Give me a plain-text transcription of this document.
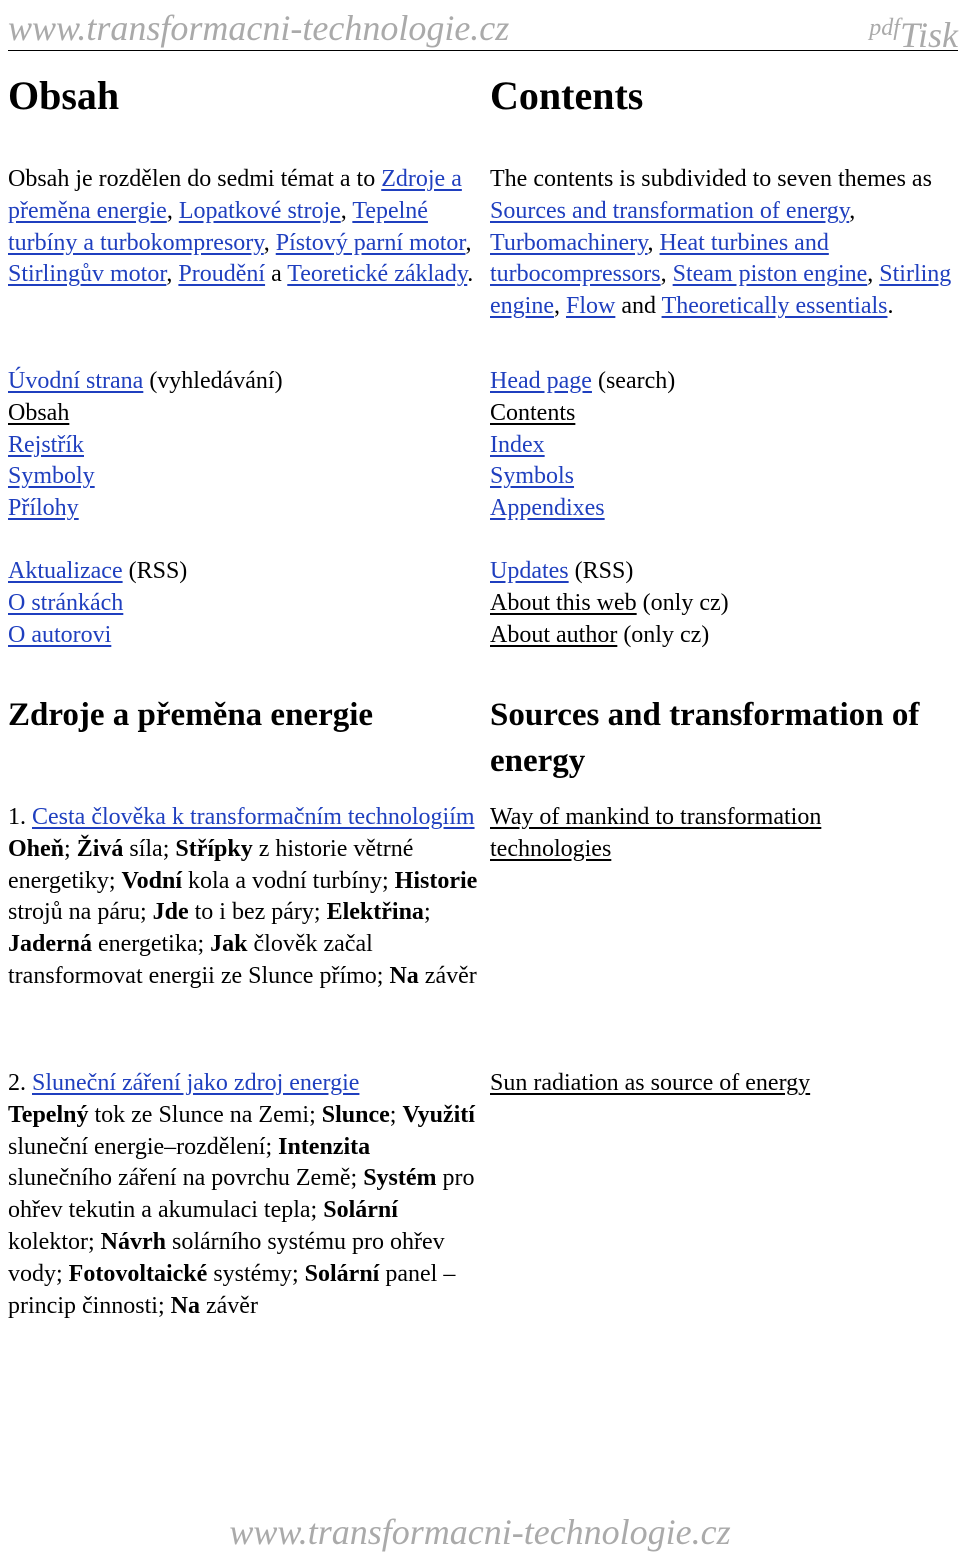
www.transformacni-technologie.cz	$^{pdf}$Tisk
Obsah

Obsah je rozdělen do sedmi témat a to Zdroje a přeměna energie, Lopatkové stroje, Tepelné turbíny a turbokompresory, Pístový parní motor, Stirlingův motor, Proudění a Teoretické základy.

Úvodní strana (vyhledávání)
Obsah
Rejstřík
Symboly
Přílohy
Aktualizace (RSS)
O stránkách
O autorovi
Zdroje a přeměna energie

1. Cesta člověka k transformačním technologiím
Oheň; Živá síla; Střípky z historie větrné energetiky; Vodní kola a vodní turbíny; Historie strojů na páru; Jde to i bez páry; Elektřina; Jaderná energetika; Jak člověk začal transformovat energii ze Slunce přímo; Na závěr

2. Sluneční záření jako zdroj energie
Tepelný tok ze Slunce na Zemi; Slunce; Využití sluneční energie–rozdělení; Intenzita slunečního záření na povrchu Země; Systém pro ohřev tekutin a akumulaci tepla; Solární kolektor; Návrh solárního systému pro ohřev vody; Fotovoltaické systémy; Solární panel –princip činnosti; Na závěr

Contents

The contents is subdivided to seven themes as Sources and transformation of energy, Turbomachinery, Heat turbines and turbocompressors, Steam piston engine, Stirling engine, Flow and Theoretically essentials.

Head page (search)
Contents
Index
Symbols
Appendixes
Updates (RSS)
About this web (only cz)
About author (only cz)
Sources and transformation of energy

Way of mankind to transformation technologies

Sun radiation as source of energy

www.transformacni-technologie.cz
